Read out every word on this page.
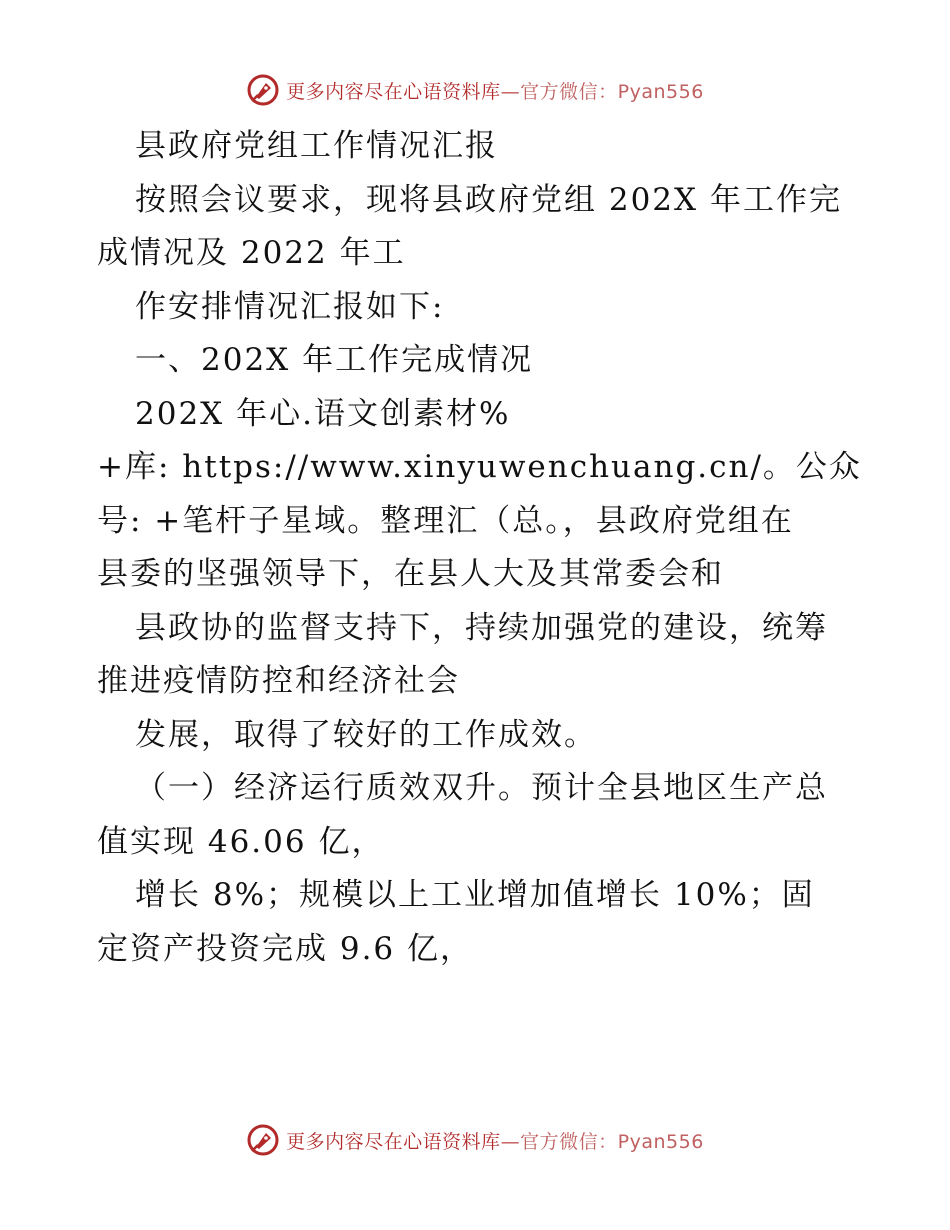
更多内容尽在心语资料库—官方微信：Pyan556
县政府党组工作情况汇报
按照会议要求，现将县政府党组 202X 年工作完
成情况及 2022 年工
作安排情况汇报如下:
一、202X 年工作完成情况
202X 年心.语文创素材%
+库: https://www.xinyuwenchuang.cn/。公众
号: +笔杆子星域。整理汇（总。，县政府党组在
县委的坚强领导下，在县人大及其常委会和
县政协的监督支持下，持续加强党的建设，统筹
推进疫情防控和经济社会
发展，取得了较好的工作成效。
（一）经济运行质效双升。预计全县地区生产总
值实现 46.06 亿，
增长 8%；规模以上工业增加值增长 10%；固
定资产投资完成 9.6 亿，
更多内容尽在心语资料库—官方微信：Pyan556
